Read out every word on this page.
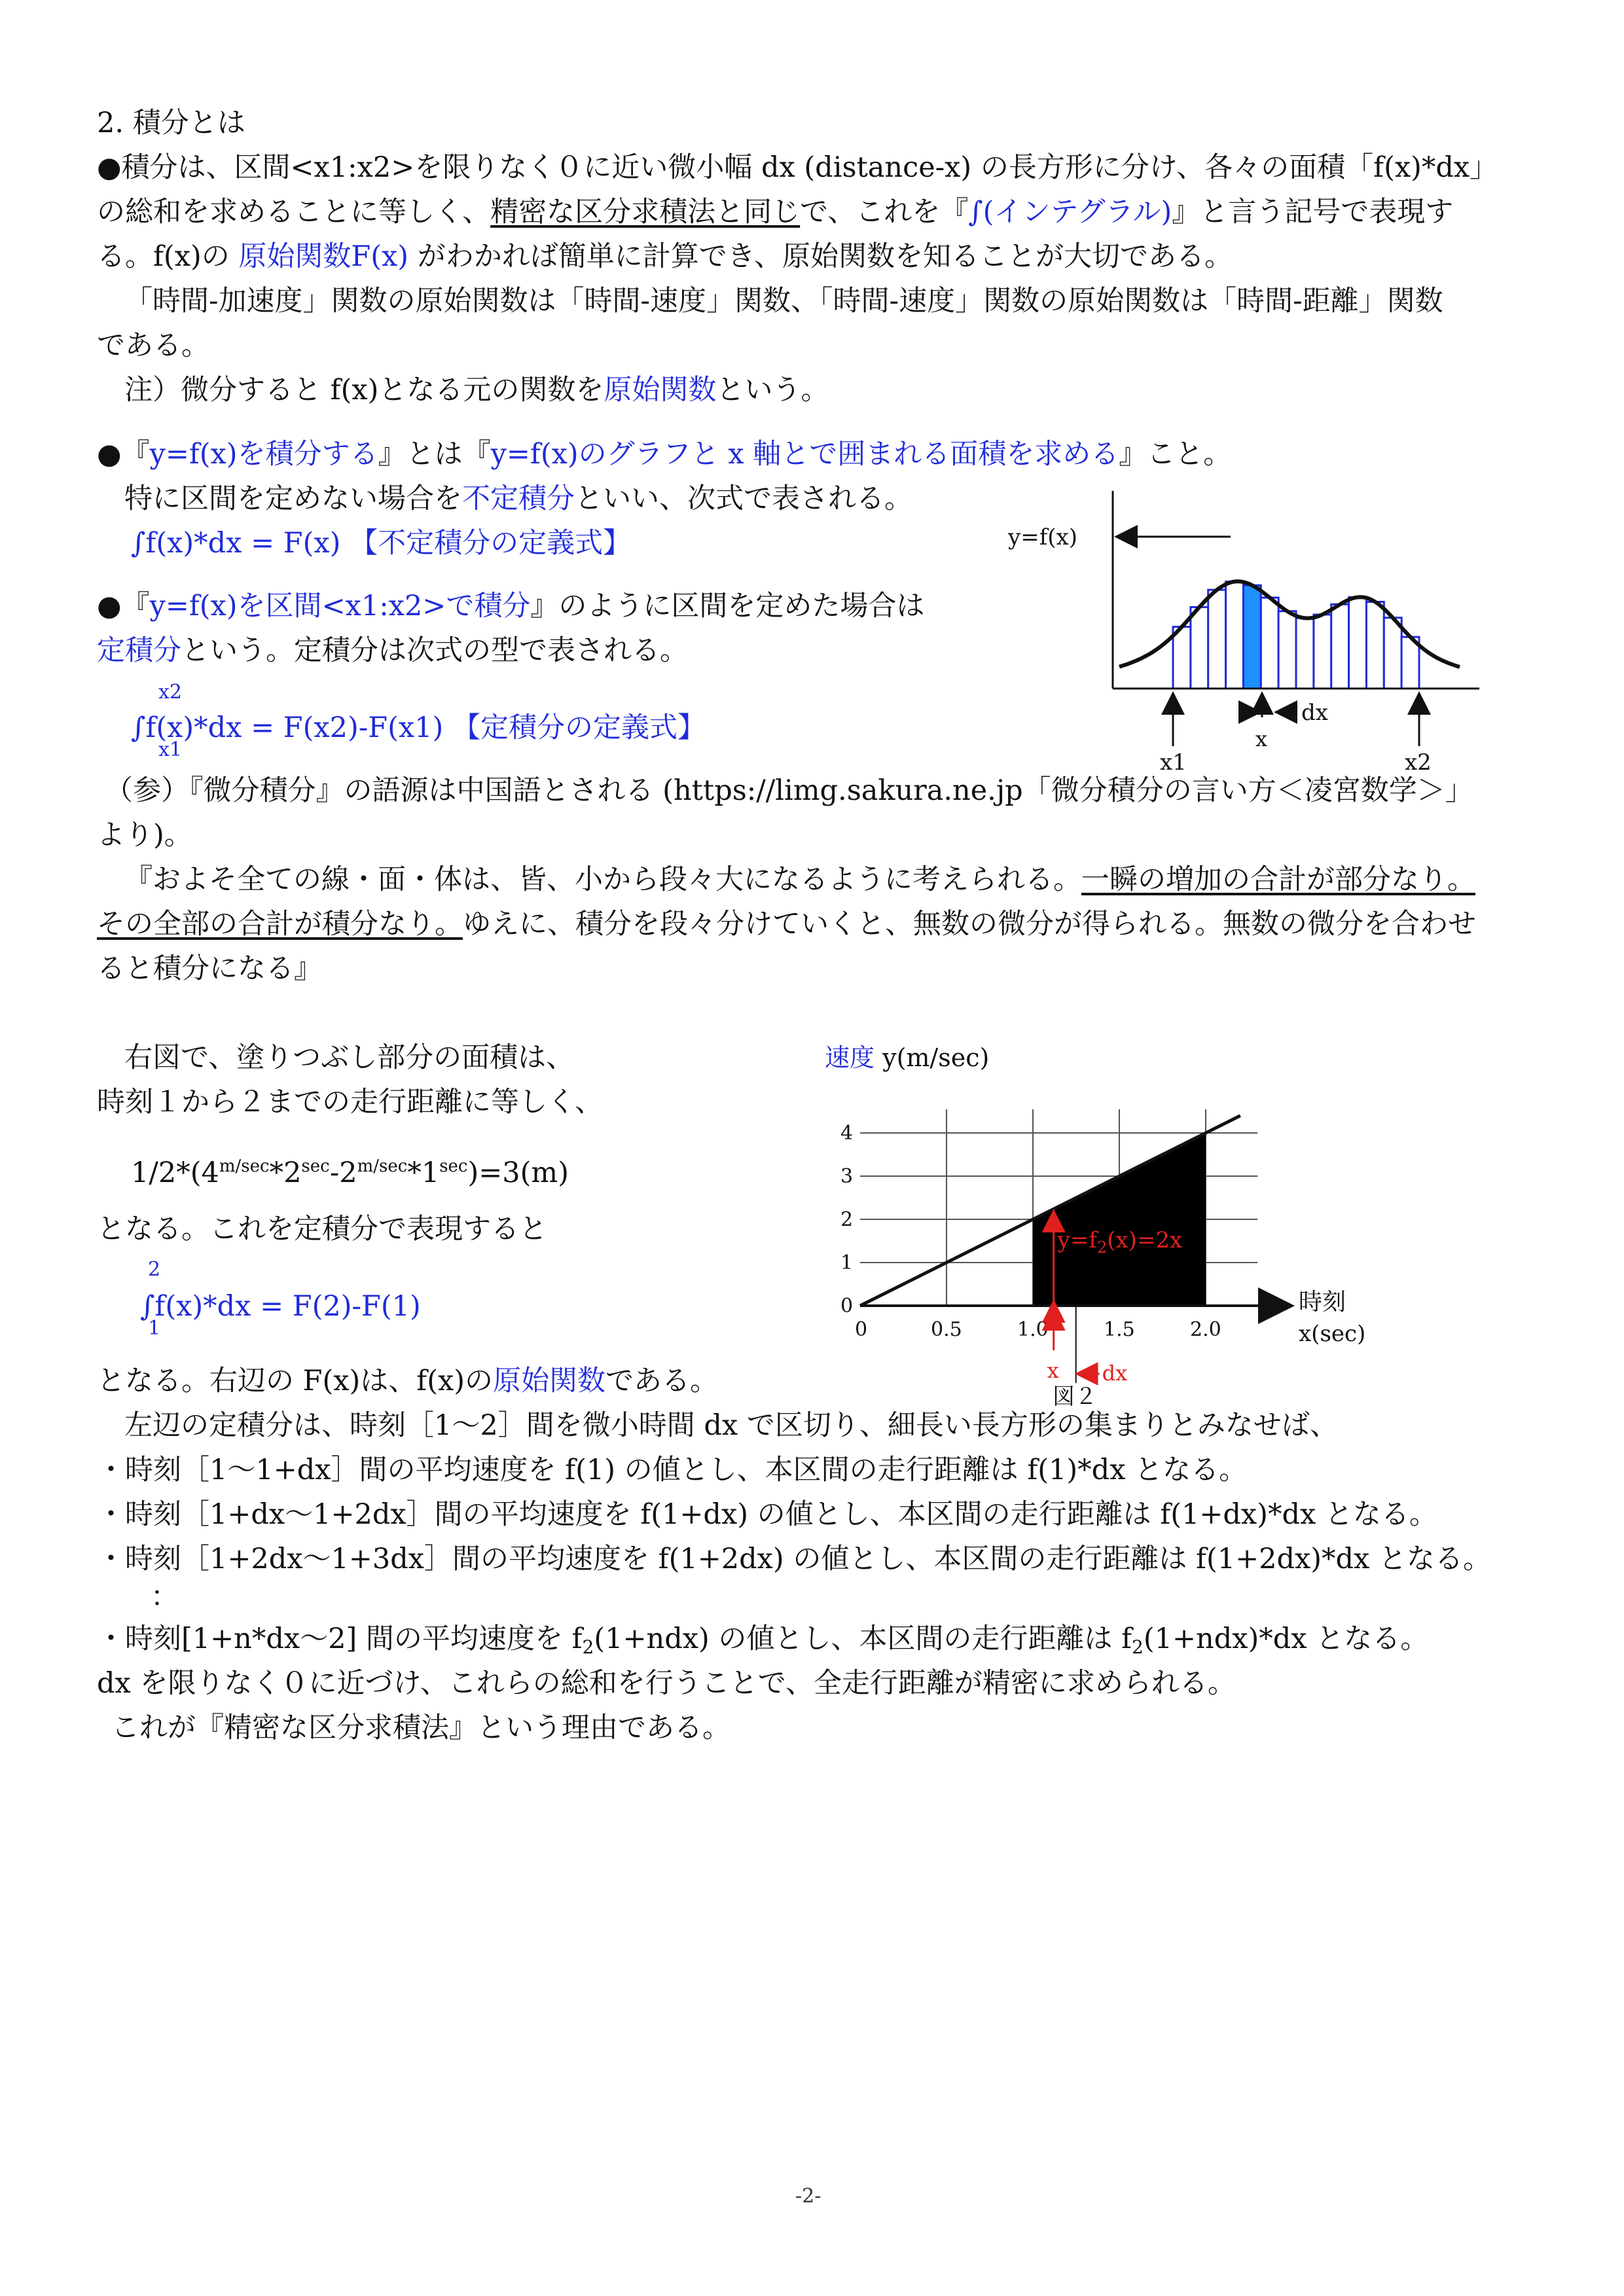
2. 積分とは
●積分は、区間<x1:x2>を限りなく０に近い微小幅 dx (distance-x) の長方形に分け、各々の面積「f(x)*dx」
の総和を求めることに等しく、精密な区分求積法と同じで、これを『∫(インテグラル)』と言う記号で表現す
る。f(x)の 原始関数F(x) がわかれば簡単に計算でき、原始関数を知ることが大切である。
「時間-加速度」関数の原始関数は「時間-速度」関数、「時間-速度」関数の原始関数は「時間-距離」関数
である。
注）微分すると f(x)となる元の関数を原始関数という。
●『y=f(x)を積分する』とは『y=f(x)のグラフと x 軸とで囲まれる面積を求める』こと。
特に区間を定めない場合を不定積分といい、次式で表される。
∫f(x)*dx = F(x) 【不定積分の定義式】
●『y=f(x)を区間<x1:x2>で積分』のように区間を定めた場合は
定積分という。定積分は次式の型で表される。
x2
∫f(x)*dx = F(x2)-F(x1) 【定積分の定義式】
x1
y=f(x)
x1
x
x2
dx
（参）『微分積分』の語源は中国語とされる (https://limg.sakura.ne.jp「微分積分の言い方＜凌宮数学＞」
より)。
『およそ全ての線・面・体は、皆、小から段々大になるように考えられる。一瞬の増加の合計が部分なり。
その全部の合計が積分なり。ゆえに、積分を段々分けていくと、無数の微分が得られる。無数の微分を合わせ
ると積分になる』
右図で、塗りつぶし部分の面積は、
時刻１から２までの走行距離に等しく、
$1/2*(4^{m/sec}*2^{sec}-2^{m/sec}*1^{sec})=3(m)$
となる。これを定積分で表現すると
2
∫f(x)*dx = F(2)-F(1)
1
となる。右辺の F(x)は、f(x)の原始関数である。
速度 y(m/sec)
0
1
2
3
4
0	0.5	1.0	1.5	2.0
時刻
x(sec)
$y=f_2(x)=2x$
x dx
図２
左辺の定積分は、時刻［1〜2］間を微小時間 dx で区切り、細長い長方形の集まりとみなせば、
・時刻［1〜1+dx］間の平均速度を f(1) の値とし、本区間の走行距離は f(1)*dx となる。
・時刻［1+dx〜1+2dx］間の平均速度を f(1+dx) の値とし、本区間の走行距離は f(1+dx)*dx となる。
・時刻［1+2dx〜1+3dx］間の平均速度を f(1+2dx) の値とし、本区間の走行距離は f(1+2dx)*dx となる。
：
・時刻[1+n*dx〜2] 間の平均速度を $f_2(1+ndx)$ の値とし、本区間の走行距離は $f_2(1+ndx)*dx$ となる。
dx を限りなく０に近づけ、これらの総和を行うことで、全走行距離が精密に求められる。
これが『精密な区分求積法』という理由である。
-2-
